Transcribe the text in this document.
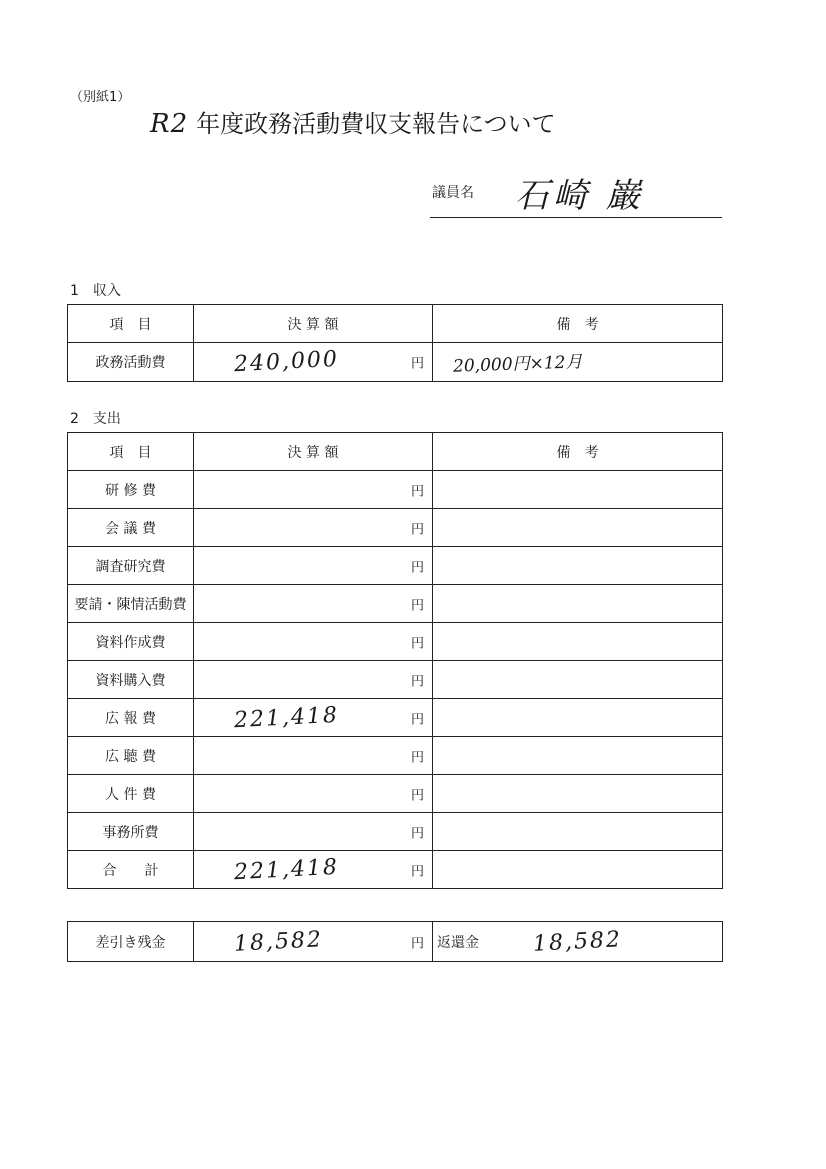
（別紙1）
R2 年度政務活動費収支報告について
議員名 石崎 巌
1　収入
項　目	決 算 額	備　考
政務活動費	240,000 円	20,000円×12月
2　支出
項　目	決 算 額	備　考
研 修 費	円	

会 議 費	円	

調査研究費	円	

要請・陳情活動費	円	

資料作成費	円	

資料購入費	円	

広 報 費	221,418 円	

広 聴 費	円	

人 件 費	円	

事務所費	円	

合　　計	221,418 円	

差引き残金	18,582	円	返還金 18,582
